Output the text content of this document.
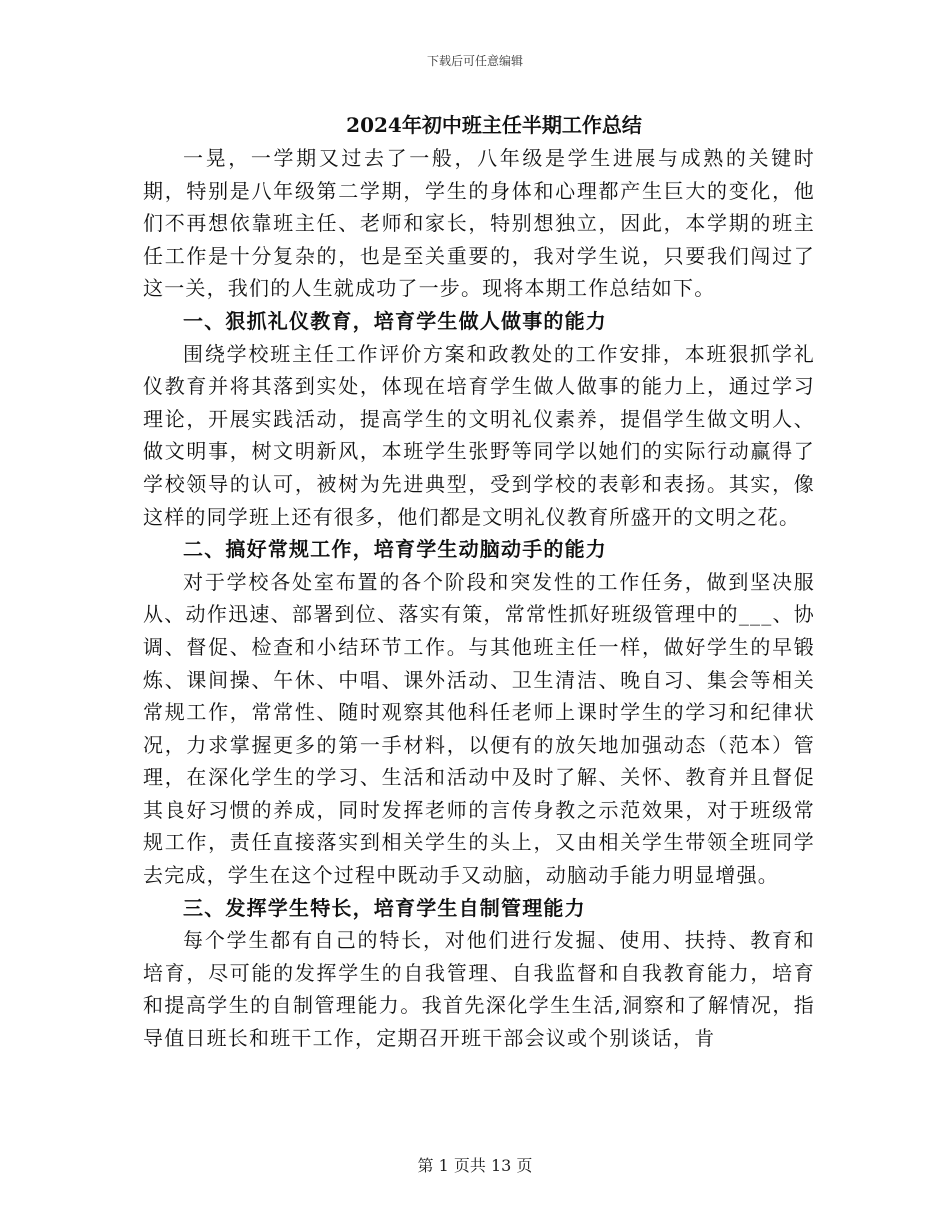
下载后可任意编辑
2024年初中班主任半期工作总结

一晃，一学期又过去了一般，八年级是学生进展与成熟的关键时期，特别是八年级第二学期，学生的身体和心理都产生巨大的变化，他们不再想依靠班主任、老师和家长，特别想独立，因此，本学期的班主任工作是十分复杂的，也是至关重要的，我对学生说，只要我们闯过了这一关，我们的人生就成功了一步。现将本期工作总结如下。

一、狠抓礼仪教育，培育学生做人做事的能力

围绕学校班主任工作评价方案和政教处的工作安排，本班狠抓学礼仪教育并将其落到实处，体现在培育学生做人做事的能力上，通过学习理论，开展实践活动，提高学生的文明礼仪素养，提倡学生做文明人、做文明事，树文明新风，本班学生张野等同学以她们的实际行动赢得了学校领导的认可，被树为先进典型，受到学校的表彰和表扬。其实，像这样的同学班上还有很多，他们都是文明礼仪教育所盛开的文明之花。

二、搞好常规工作，培育学生动脑动手的能力

对于学校各处室布置的各个阶段和突发性的工作任务，做到坚决服从、动作迅速、部署到位、落实有策，常常性抓好班级管理中的___、协调、督促、检查和小结环节工作。与其他班主任一样，做好学生的早锻炼、课间操、午休、中唱、课外活动、卫生清洁、晚自习、集会等相关常规工作，常常性、随时观察其他科任老师上课时学生的学习和纪律状况，力求掌握更多的第一手材料，以便有的放矢地加强动态（范本）管理，在深化学生的学习、生活和活动中及时了解、关怀、教育并且督促其良好习惯的养成，同时发挥老师的言传身教之示范效果，对于班级常规工作，责任直接落实到相关学生的头上，又由相关学生带领全班同学去完成，学生在这个过程中既动手又动脑，动脑动手能力明显增强。

三、发挥学生特长，培育学生自制管理能力

每个学生都有自己的特长，对他们进行发掘、使用、扶持、教育和培育，尽可能的发挥学生的自我管理、自我监督和自我教育能力，培育和提高学生的自制管理能力。我首先深化学生生活,洞察和了解情况，指导值日班长和班干工作，定期召开班干部会议或个别谈话，肯

第 1 页共 13 页
